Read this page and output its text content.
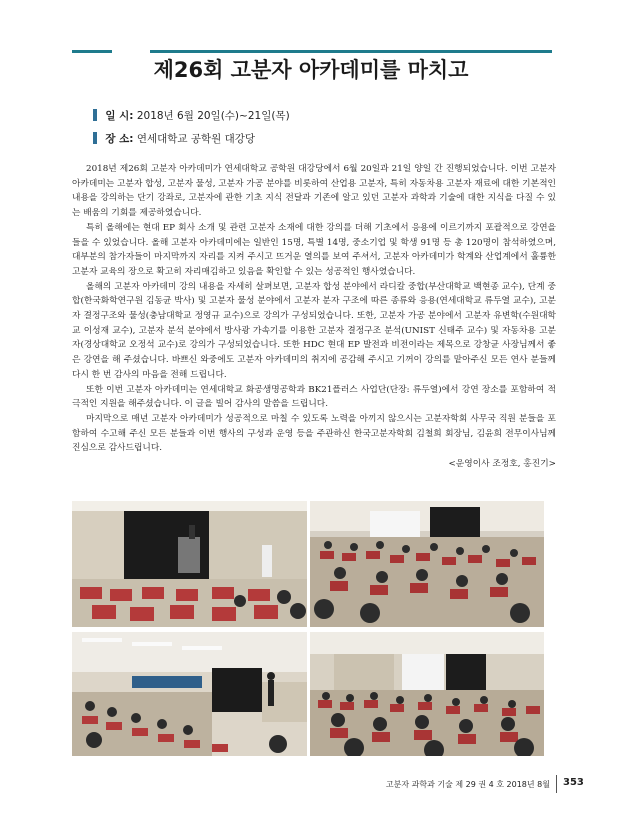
제26회 고분자 아카데미를 마치고
일 시: 2018년 6월 20일(수)~21일(목)
장 소: 연세대학교 공학원 대강당

2018년 제26회 고분자 아카데미가 연세대학교 공학원 대강당에서 6월 20일과 21일 양일 간 진행되었습니다. 이번 고분자 아카데미는 고분자 합성, 고분자 물성, 고분자 가공 분야를 비롯하여 산업용 고분자, 특히 자동차용 고분자 재료에 대한 기본적인 내용을 강의하는 단기 강좌로, 고분자에 관한 기초 지식 전달과 기존에 알고 있던 고분자 과학과 기술에 대한 지식을 다질 수 있는 배움의 기회를 제공하였습니다.

특히 올해에는 현대 EP 회사 소개 및 관련 고분자 소재에 대한 강의를 더해 기초에서 응용에 이르기까지 포괄적으로 강연을 들을 수 있었습니다. 올해 고분자 아카데미에는 일반인 15명, 특별 14명, 중소기업 및 학생 91명 등 총 120명이 참석하였으며, 대부분의 참가자들이 마지막까지 자리를 지켜 주시고 뜨거운 열의를 보여 주셔서, 고분자 아카데미가 학계와 산업계에서 훌륭한 고분자 교육의 장으로 확고히 자리매김하고 있음을 확인할 수 있는 성공적인 행사였습니다.

올해의 고분자 아카데미 강의 내용을 자세히 살펴보면, 고분자 합성 분야에서 라디칼 중합(부산대학교 백현종 교수), 단계 중합(한국화학연구원 김동균 박사) 및 고분자 물성 분야에서 고분자 분자 구조에 따른 종류와 응용(연세대학교 류두열 교수), 고분자 결정구조와 물성(충남대학교 정영규 교수)으로 강의가 구성되었습니다. 또한, 고분자 가공 분야에서 고분자 유변학(수원대학교 이성재 교수), 고분자 분석 분야에서 방사광 가속기를 이용한 고분자 결정구조 분석(UNIST 신태주 교수) 및 자동차용 고분자(경상대학교 오정석 교수)로 강의가 구성되었습니다. 또한 HDC 현대 EP 발전과 비전이라는 제목으로 강창균 사장님께서 좋은 강연을 해 주셨습니다. 바쁘신 와중에도 고분자 아카데미의 취지에 공감해 주시고 기꺼이 강의를 맡아주신 모든 연사 분들께 다시 한 번 감사의 마음을 전해 드립니다.

또한 이번 고분자 아카데미는 연세대학교 화공생명공학과 BK21플러스 사업단(단장: 류두열)에서 강연 장소를 포함하여 적극적인 지원을 해주셨습니다. 이 글을 빌어 감사의 말씀을 드립니다.

마지막으로 매년 고분자 아카데미가 성공적으로 마칠 수 있도록 노력을 아끼지 않으시는 고분자학회 사무국 직원 분들을 포함하여 수고해 주신 모든 분들과 이번 행사의 구성과 운영 등을 주관하신 한국고분자학회 김철희 회장님, 김윤희 전무이사님께 진심으로 감사드립니다.

<운영이사 조정호, 홍진기>
고분자 과학과 기술 제 29 권 4 호 2018년 8월 353
